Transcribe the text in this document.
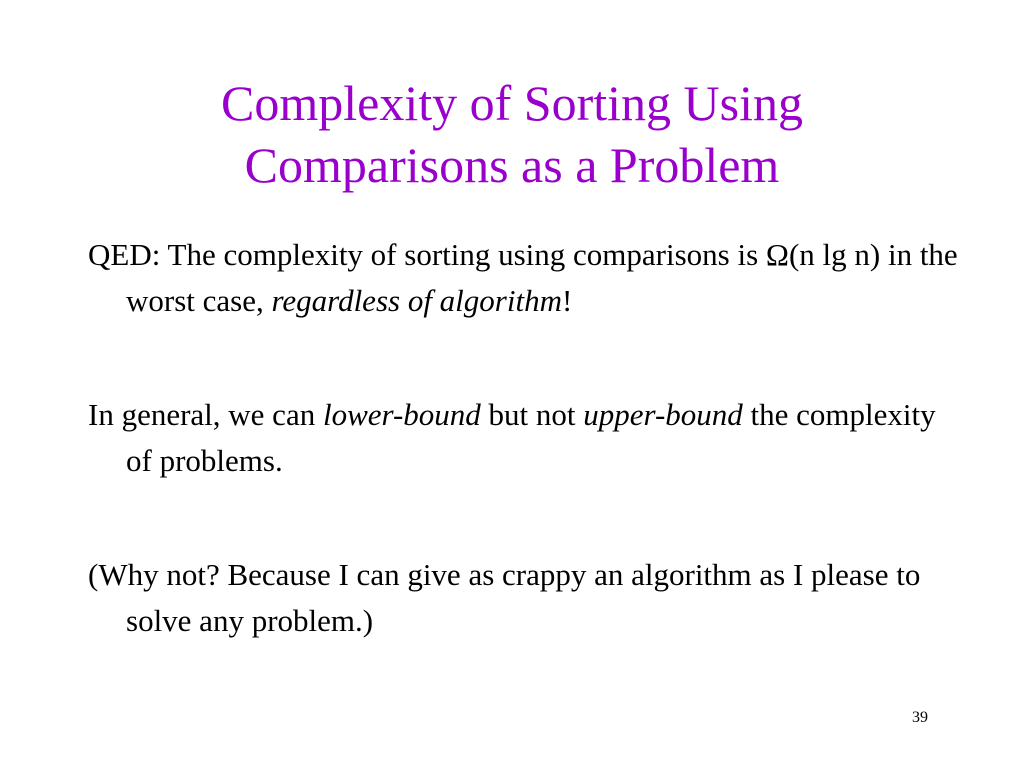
Complexity of Sorting Using
Comparisons as a Problem

QED: The complexity of sorting using comparisons is Ω(n lg n) in the worst case, regardless of algorithm!

In general, we can lower-bound but not upper-bound the complexity of problems.

(Why not? Because I can give as crappy an algorithm as I please to solve any problem.)

39
